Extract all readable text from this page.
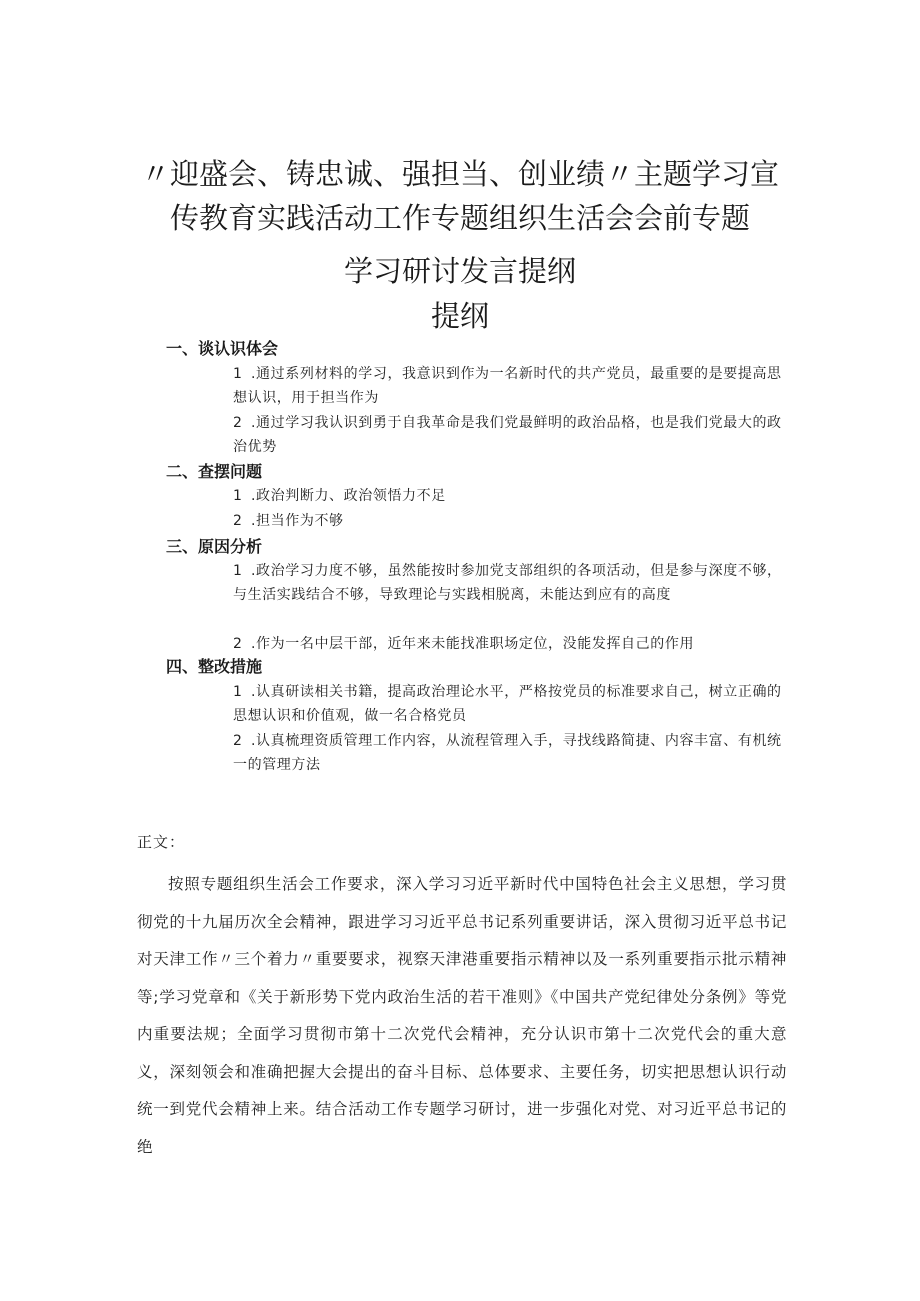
〃迎盛会、铸忠诚、强担当、创业绩〃主题学习宣
传教育实践活动工作专题组织生活会会前专题
学习研讨发言提纲
提纲
一、谈认识体会
1 .通过系列材料的学习，我意识到作为一名新时代的共产党员，最重要的是要提高思想认识，用于担当作为
2 .通过学习我认识到勇于自我革命是我们党最鲜明的政治品格，也是我们党最大的政治优势
二、查摆问题
1 .政治判断力、政治领悟力不足
2 .担当作为不够
三、原因分析
1 .政治学习力度不够，虽然能按时参加党支部组织的各项活动，但是参与深度不够，与生活实践结合不够，导致理论与实践相脱离，未能达到应有的高度
2 .作为一名中层干部，近年来未能找准职场定位，没能发挥自己的作用
四、整改措施
1 .认真研读相关书籍，提高政治理论水平，严格按党员的标准要求自己，树立正确的思想认识和价值观，做一名合格党员
2 .认真梳理资质管理工作内容，从流程管理入手，寻找线路简捷、内容丰富、有机统一的管理方法
正文：
按照专题组织生活会工作要求，深入学习习近平新时代中国特色社会主义思想，学习贯彻党的十九届历次全会精神，跟进学习习近平总书记系列重要讲话，深入贯彻习近平总书记对天津工作〃三个着力〃重要要求，视察天津港重要指示精神以及一系列重要指示批示精神等;学习党章和《关于新形势下党内政治生活的若干准则》《中国共产党纪律处分条例》等党内重要法规；全面学习贯彻市第十二次党代会精神，充分认识市第十二次党代会的重大意义，深刻领会和准确把握大会提出的奋斗目标、总体要求、主要任务，切实把思想认识行动统一到党代会精神上来。结合活动工作专题学习研讨，进一步强化对党、对习近平总书记的绝
